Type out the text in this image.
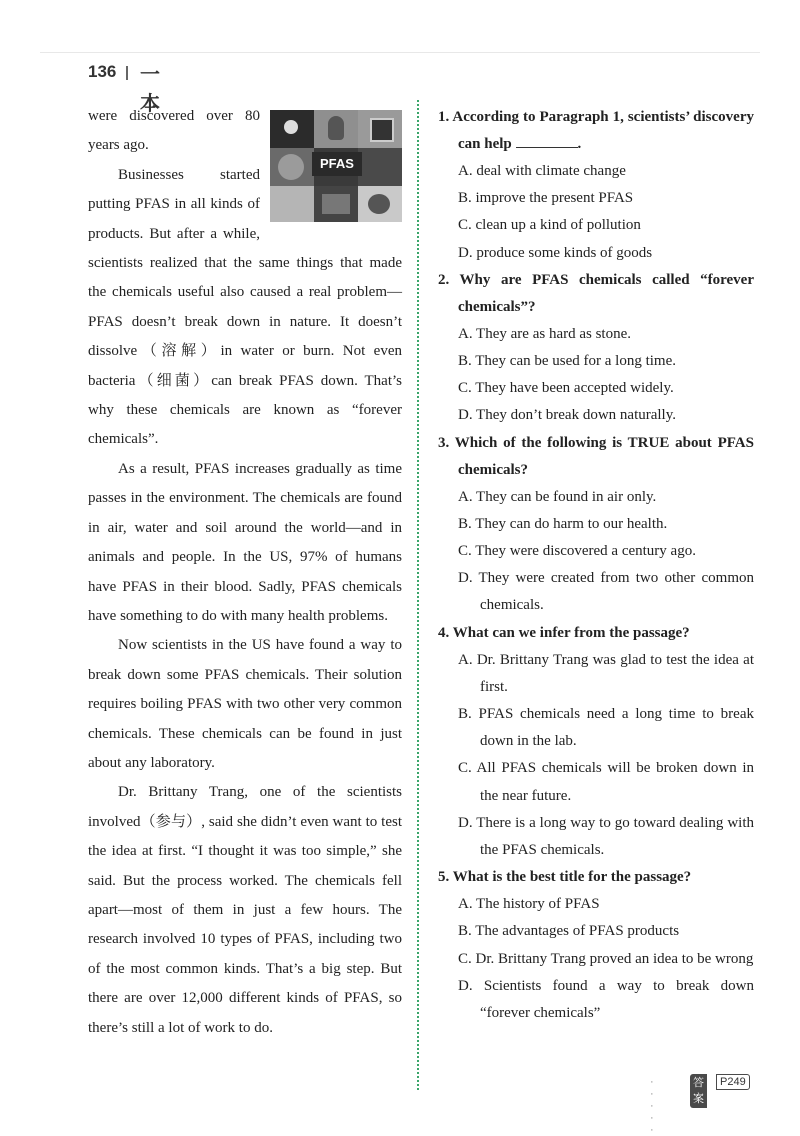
136 一本
PFAS

were discovered over 80 years ago.

Businesses started putting PFAS in all kinds of products. But after a while, scientists realized that the same things that made the chemicals useful also caused a real problem—PFAS doesn’t break down in nature. It doesn’t dissolve（溶解）in water or burn. Not even bacteria（细菌）can break PFAS down. That’s why these chemicals are known as “forever chemicals”.

As a result, PFAS increases gradually as time passes in the environment. The chemicals are found in air, water and soil around the world—and in animals and people. In the US, 97% of humans have PFAS in their blood. Sadly, PFAS chemicals have something to do with many health problems.

Now scientists in the US have found a way to break down some PFAS chemicals. Their solution requires boiling PFAS with two other very common chemicals. These chemicals can be found in just about any laboratory.

Dr. Brittany Trang, one of the scientists involved（参与）, said she didn’t even want to test the idea at first. “I thought it was too simple,” she said. But the process worked. The chemicals fell apart—most of them in just a few hours. The research involved 10 types of PFAS, including two of the most common kinds. That’s a big step. But there are over 12,000 different kinds of PFAS, so there’s still a lot of work to do.

1. According to Paragraph 1, scientists’ discovery can help	.
A. deal with climate change
B. improve the present PFAS
C. clean up a kind of pollution
D. produce some kinds of goods
2. Why are PFAS chemicals called “forever chemicals”?
A. They are as hard as stone.
B. They can be used for a long time.
C. They have been accepted widely.
D. They don’t break down naturally.
3. Which of the following is TRUE about PFAS chemicals?
A. They can be found in air only.
B. They can do harm to our health.
C. They were discovered a century ago.
D. They were created from two other common chemicals.
4. What can we infer from the passage?
A. Dr. Brittany Trang was glad to test the idea at first.
B. PFAS chemicals need a long time to break down in the lab.
C. All PFAS chemicals will be broken down in the near future.
D. There is a long way to go toward dealing with the PFAS chemicals.
5. What is the best title for the passage?
A. The history of PFAS
B. The advantages of PFAS products
C. Dr. Brittany Trang proved an idea to be wrong
D. Scientists found a way to break down “forever chemicals”
· · · · ·
答案
P249
